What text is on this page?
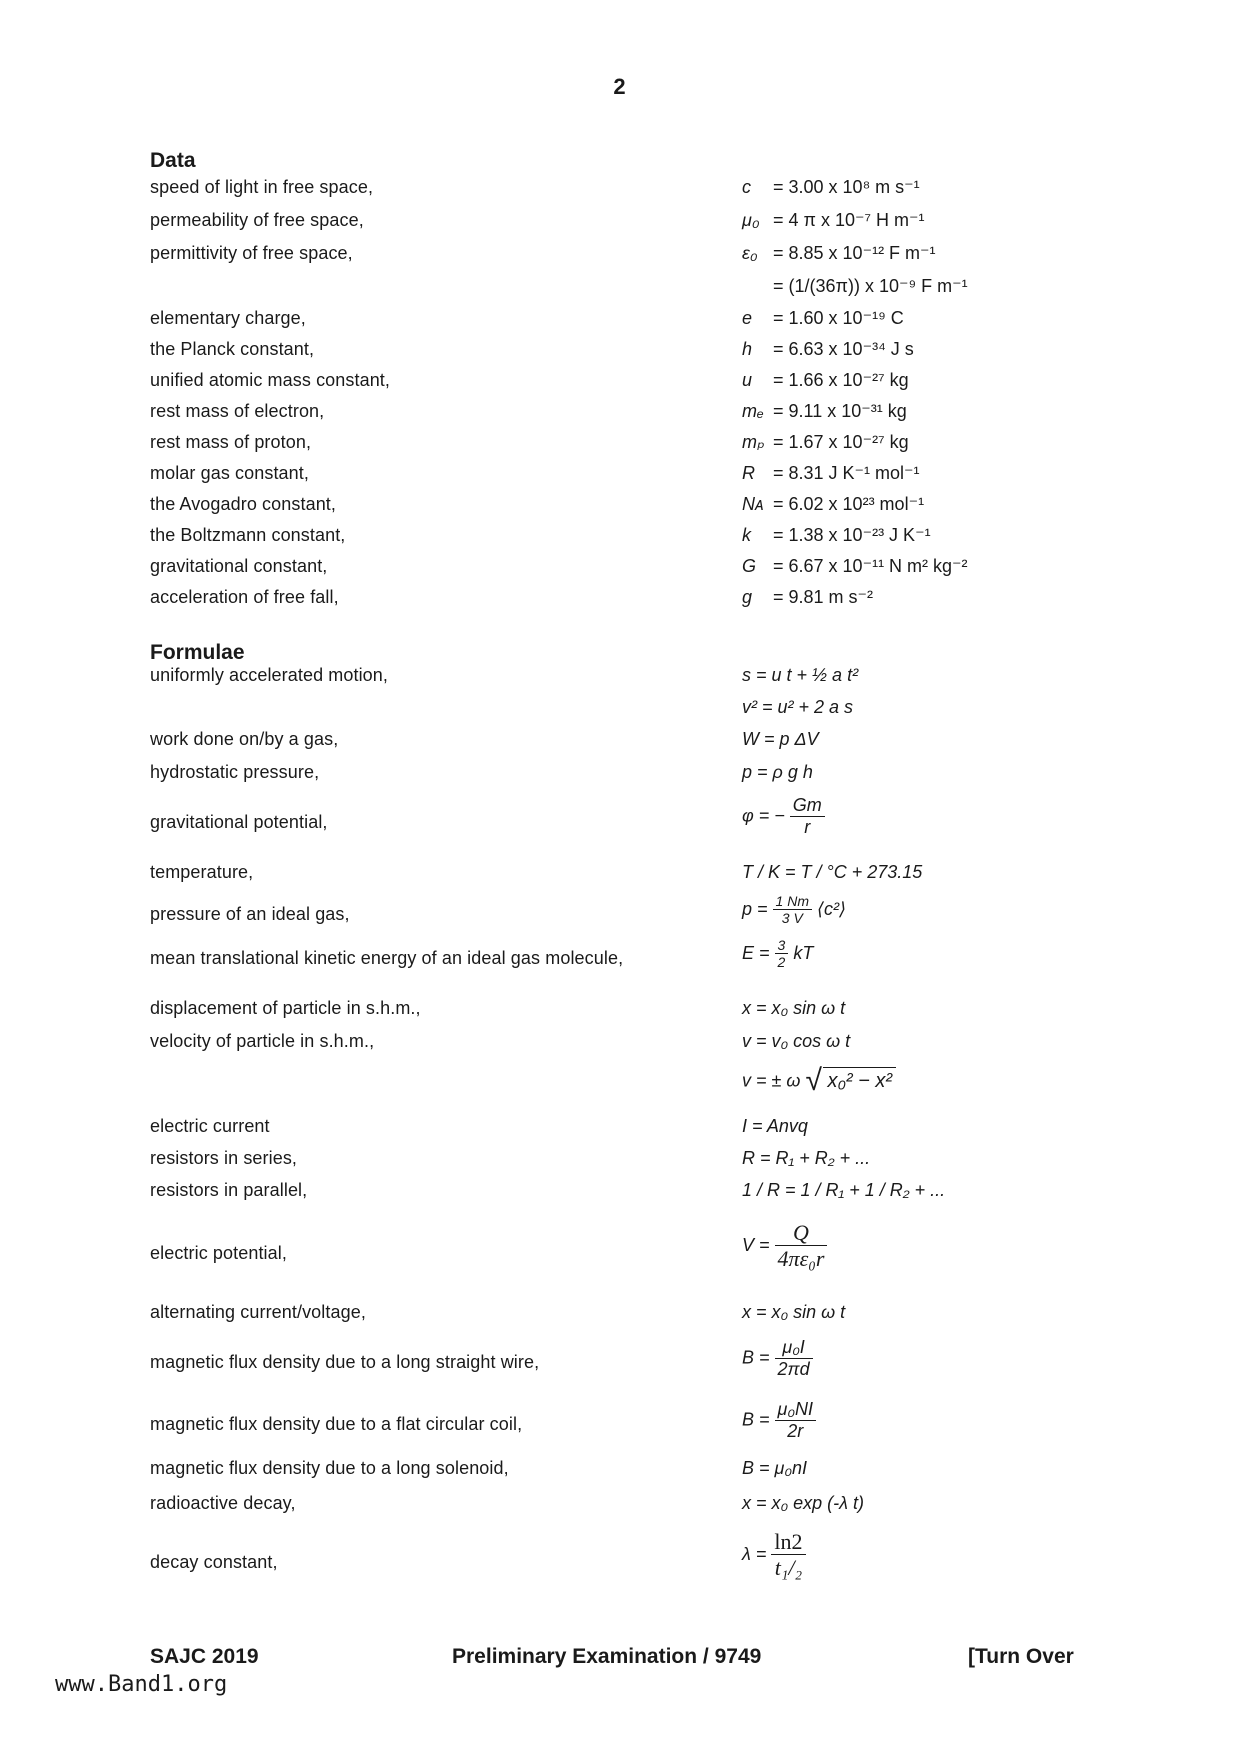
2
Data
speed of light in free space,	c = 3.00 x 10⁸ m s⁻¹
permeability of free space,	μ₀ = 4 π x 10⁻⁷ H m⁻¹
permittivity of free space,	ε₀ = 8.85 x 10⁻¹² F m⁻¹
= (1/(36π)) x 10⁻⁹ F m⁻¹
elementary charge,	e = 1.60 x 10⁻¹⁹ C
the Planck constant,	h = 6.63 x 10⁻³⁴ J s
unified atomic mass constant,	u = 1.66 x 10⁻²⁷ kg
rest mass of electron,	mₑ = 9.11 x 10⁻³¹ kg
rest mass of proton,	mₚ = 1.67 x 10⁻²⁷ kg
molar gas constant,	R = 8.31 J K⁻¹ mol⁻¹
the Avogadro constant,	Nᴀ = 6.02 x 10²³ mol⁻¹
the Boltzmann constant,	k = 1.38 x 10⁻²³ J K⁻¹
gravitational constant,	G = 6.67 x 10⁻¹¹ N m² kg⁻²
acceleration of free fall,	g = 9.81 m s⁻²
Formulae
uniformly accelerated motion,	s = u t + ½ a t²
v² = u² + 2 a s
work done on/by a gas,	W = p ΔV
hydrostatic pressure,	p = ρ g h
gravitational potential,	φ = − $\frac{Gm}{r}$
temperature,	T / K = T / °C + 273.15
pressure of an ideal gas,	$p = \frac{1 Nm}{3 V}$ ⟨c²⟩
mean translational kinetic energy of an ideal gas molecule,	$E = \frac{3}{2}$ kT
displacement of particle in s.h.m.,	x = x₀ sin ω t
velocity of particle in s.h.m.,	v = v₀ cos ω t
v = ± ω √ x₀² − x²
electric current	I = Anvq
resistors in series,	R = R₁ + R₂ + ...
resistors in parallel,	1 / R = 1 / R₁ + 1 / R₂ + ...
electric potential,	$V = \frac{Q}{\text{4πε₀r}}$
alternating current/voltage,	x = x₀ sin ω t
magnetic flux density due to a long straight wire,	$B = \frac{\text{μ₀I}}{2\pi d}$
magnetic flux density due to a flat circular coil,	$B = \frac{\text{μ₀NI}}{2r}$
magnetic flux density due to a long solenoid,	B = μ₀nI
radioactive decay,	x = x₀ exp (-λ t)
decay constant,	$\lambda = \frac{\ln 2}{\text{t₁/₂}}$
SAJC 2019	Preliminary Examination / 9749	[Turn Over
www.Band1.org
